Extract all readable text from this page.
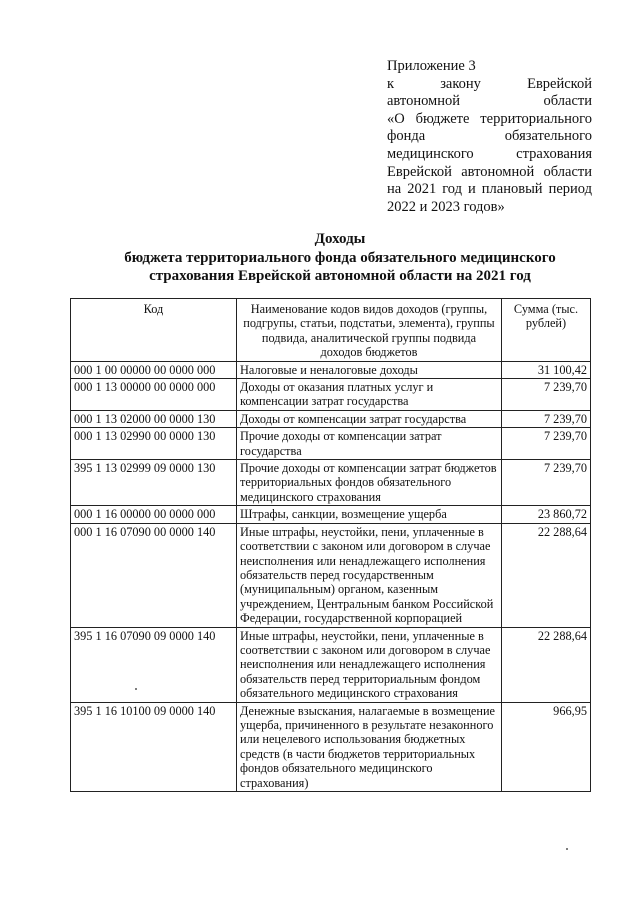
Приложение 3
к закону Еврейской
автономной области
«О бюджете территориального
фонда обязательного
медицинского страхования
Еврейской автономной области
на 2021 год и плановый период
2022 и 2023 годов»
Доходы
бюджета территориального фонда обязательного медицинского
страхования Еврейской автономной области на 2021 год
Код	Наименование кодов видов доходов (группы, подгрупы, статьи, подстатьи, элемента), группы подвида, аналитической группы подвида доходов бюджетов	Сумма (тыс. рублей)
000 1 00 00000 00 0000 000	Налоговые и неналоговые доходы	31 100,42
000 1 13 00000 00 0000 000	Доходы от оказания платных услуг и компенсации затрат государства	7 239,70
000 1 13 02000 00 0000 130	Доходы от компенсации затрат государства	7 239,70
000 1 13 02990 00 0000 130	Прочие доходы от компенсации затрат государства	7 239,70
395 1 13 02999 09 0000 130	Прочие доходы от компенсации затрат бюджетов территориальных фондов обязательного медицинского страхования	7 239,70
000 1 16 00000 00 0000 000	Штрафы, санкции, возмещение ущерба	23 860,72
000 1 16 07090 00 0000 140	Иные штрафы, неустойки, пени, уплаченные в соответствии с законом или договором в случае неисполнения или ненадлежащего исполнения обязательств перед государственным (муниципальным) органом, казенным учреждением, Центральным банком Российской Федерации, государственной корпорацией	22 288,64
395 1 16 07090 09 0000 140	Иные штрафы, неустойки, пени, уплаченные в соответствии с законом или договором в случае неисполнения или ненадлежащего исполнения обязательств перед территориальным фондом обязательного медицинского страхования	22 288,64
395 1 16 10100 09 0000 140	Денежные взыскания, налагаемые в возмещение ущерба, причиненного в результате незаконного или нецелевого использования бюджетных средств (в части бюджетов территориальных фондов обязательного медицинского страхования)	966,95
